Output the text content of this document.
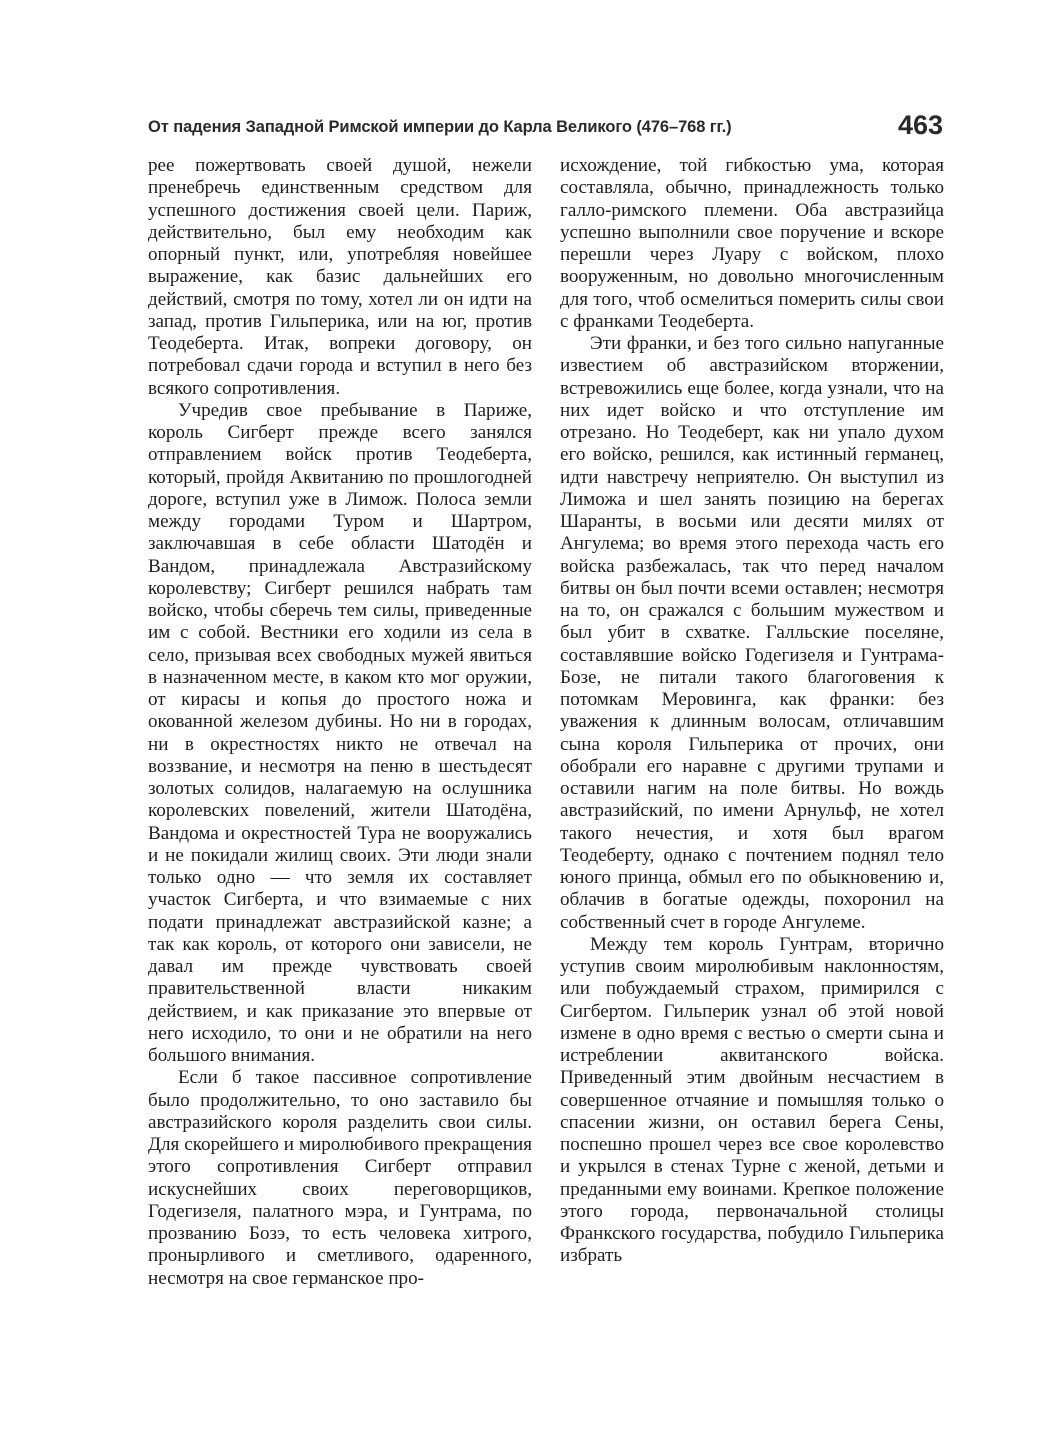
От падения Западной Римской империи до Карла Великого (476–768 гг.)	463

рее пожертвовать своей душой, нежели пренебречь единственным средством для успешного достижения своей цели. Париж, действительно, был ему необходим как опорный пункт, или, употребляя новейшее выражение, как базис дальнейших его действий, смотря по тому, хотел ли он идти на запад, против Гильперика, или на юг, против Теодеберта. Итак, вопреки договору, он потребовал сдачи города и вступил в него без всякого сопротивления.

Учредив свое пребывание в Париже, король Сигберт прежде всего занялся отправлением войск против Теодеберта, который, пройдя Аквитанию по прошлогодней дороге, вступил уже в Лимож. Полоса земли между городами Туром и Шартром, заключавшая в себе области Шатодён и Вандом, принадлежала Австразийскому королевству; Сигберт решился набрать там войско, чтобы сберечь тем силы, приведенные им с собой. Вестники его ходили из села в село, призывая всех свободных мужей явиться в назначенном месте, в каком кто мог оружии, от кирасы и копья до простого ножа и окованной железом дубины. Но ни в городах, ни в окрестностях никто не отвечал на воззвание, и несмотря на пеню в шестьдесят золотых солидов, налагаемую на ослушника королевских повелений, жители Шатодёна, Вандома и окрестностей Тура не вооружались и не покидали жилищ своих. Эти люди знали только одно — что земля их составляет участок Сигберта, и что взимаемые с них подати принадлежат австразийской казне; а так как король, от которого они зависели, не давал им прежде чувствовать своей правительственной власти никаким действием, и как приказание это впервые от него исходило, то они и не обратили на него большого внимания.

Если б такое пассивное сопротивление было продолжительно, то оно заставило бы австразийского короля разделить свои силы. Для скорейшего и миролюбивого прекращения этого сопротивления Сигберт отправил искуснейших своих переговорщиков, Годегизеля, палатного мэра, и Гунтрама, по прозванию Бозэ, то есть человека хитрого, пронырливого и сметливого, одаренного, несмотря на свое германское про-

исхождение, той гибкостью ума, которая составляла, обычно, принадлежность только галло-римского племени. Оба австразийца успешно выполнили свое поручение и вскоре перешли через Луару с войском, плохо вооруженным, но довольно многочисленным для того, чтоб осмелиться померить силы свои с франками Теодеберта.

Эти франки, и без того сильно напуганные известием об австразийском вторжении, встревожились еще более, когда узнали, что на них идет войско и что отступление им отрезано. Но Теодеберт, как ни упало духом его войско, решился, как истинный германец, идти навстречу неприятелю. Он выступил из Лиможа и шел занять позицию на берегах Шаранты, в восьми или десяти милях от Ангулема; во время этого перехода часть его войска разбежалась, так что перед началом битвы он был почти всеми оставлен; несмотря на то, он сражался с большим мужеством и был убит в схватке. Галльские поселяне, составлявшие войско Годегизеля и Гунтрама-Бозе, не питали такого благоговения к потомкам Меровинга, как франки: без уважения к длинным волосам, отличавшим сына короля Гильперика от прочих, они обобрали его наравне с другими трупами и оставили нагим на поле битвы. Но вождь австразийский, по имени Арнульф, не хотел такого нечестия, и хотя был врагом Теодеберту, однако с почтением поднял тело юного принца, обмыл его по обыкновению и, облачив в богатые одежды, похоронил на собственный счет в городе Ангулеме.

Между тем король Гунтрам, вторично уступив своим миролюбивым наклонностям, или побуждаемый страхом, примирился с Сигбертом. Гильперик узнал об этой новой измене в одно время с вестью о смерти сына и истреблении аквитанского войска. Приведенный этим двойным несчастием в совершенное отчаяние и помышляя только о спасении жизни, он оставил берега Сены, поспешно прошел через все свое королевство и укрылся в стенах Турне с женой, детьми и преданными ему воинами. Крепкое положение этого города, первоначальной столицы Франкского государства, побудило Гильперика избрать
